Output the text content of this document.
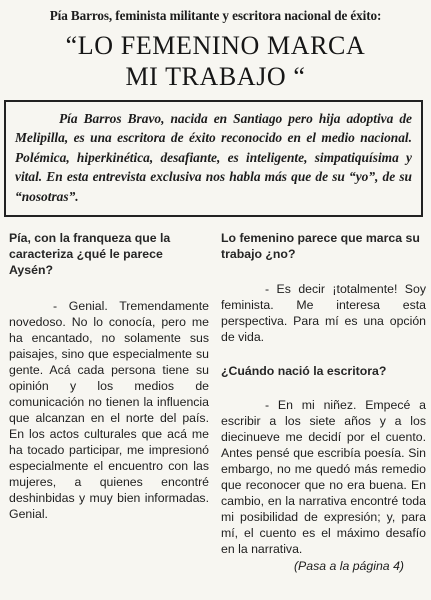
Pía Barros, feminista militante y escritora nacional de éxito:
“LO FEMENINO MARCA
MI TRABAJO “

Pía Barros Bravo, nacida en Santiago pero hija adoptiva de Melipilla, es una escritora de éxito reconocido en el medio nacional. Polémica, hiperkinética, desafiante, es inteligente, simpatiquísima y vital. En esta entrevista exclusiva nos habla más que de su “yo”, de su “nosotras”.

Pía, con la franqueza que la caracteriza ¿qué le parece Aysén?

- Genial. Tremendamente novedoso. No lo conocía, pero me ha encantado, no solamente sus paisajes, sino que especialmente su gente. Acá cada persona tiene su opinión y los medios de comunicación no tienen la influencia que alcanzan en el norte del país. En los actos culturales que acá me ha tocado participar, me impresionó especialmente el encuentro con las mujeres, a quienes encontré deshinbidas y muy bien informadas. Genial.

Lo femenino parece que marca su trabajo ¿no?

- Es decir ¡totalmente! Soy feminista. Me interesa esta perspectiva. Para mí es una opción de vida.

¿Cuándo nació la escritora?

- En mi niñez. Empecé a escribir a los siete años y a los diecinueve me decidí por el cuento. Antes pensé que escribía poesía. Sin embargo, no me quedó más remedio que reconocer que no era buena. En cambio, en la narrativa encontré toda mi posibilidad de expresión; y, para mí, el cuento es el máximo desafío en la narrativa.

(Pasa a la página 4)
